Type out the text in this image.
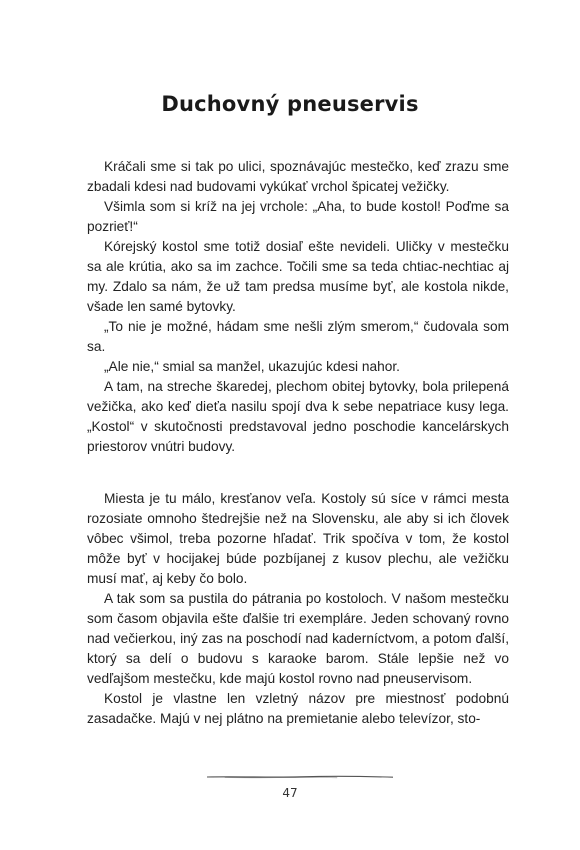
Duchovný pneuservis

Kráčali sme si tak po ulici, spoznávajúc mestečko, keď zrazu sme zbadali kdesi nad budovami vykúkať vrchol špicatej vežičky.

Všimla som si kríž na jej vrchole: „Aha, to bude kostol! Poďme sa pozrieť!“

Kórejský kostol sme totiž dosiaľ ešte nevideli. Uličky v mestečku sa ale krútia, ako sa im zachce. Točili sme sa teda chtiac-nechtiac aj my. Zdalo sa nám, že už tam predsa musíme byť, ale kostola nikde, všade len samé bytovky.

„To nie je možné, hádam sme nešli zlým smerom,“ čudovala som sa.

„Ale nie,“ smial sa manžel, ukazujúc kdesi nahor.

A tam, na streche škaredej, plechom obitej bytovky, bola prilepená vežička, ako keď dieťa nasilu spojí dva k sebe nepatriace kusy lega. „Kostol“ v skutočnosti predstavoval jedno poschodie kancelárskych priestorov vnútri budovy.

Miesta je tu málo, kresťanov veľa. Kostoly sú síce v rámci mesta rozosiate omnoho štedrejšie než na Slovensku, ale aby si ich človek vôbec všimol, treba pozorne hľadať. Trik spočíva v tom, že kostol môže byť v hocijakej búde pozbíjanej z kusov plechu, ale vežičku musí mať, aj keby čo bolo.

A tak som sa pustila do pátrania po kostoloch. V našom mestečku som časom objavila ešte ďalšie tri exempláre. Jeden schovaný rovno nad večierkou, iný zas na poschodí nad kaderníctvom, a potom ďalší, ktorý sa delí o budovu s karaoke barom. Stále lepšie než vo vedľajšom mestečku, kde majú kostol rovno nad pneuservisom.

Kostol je vlastne len vzletný názov pre miestnosť podobnú zasadačke. Majú v nej plátno na premietanie alebo televízor, sto-

47
